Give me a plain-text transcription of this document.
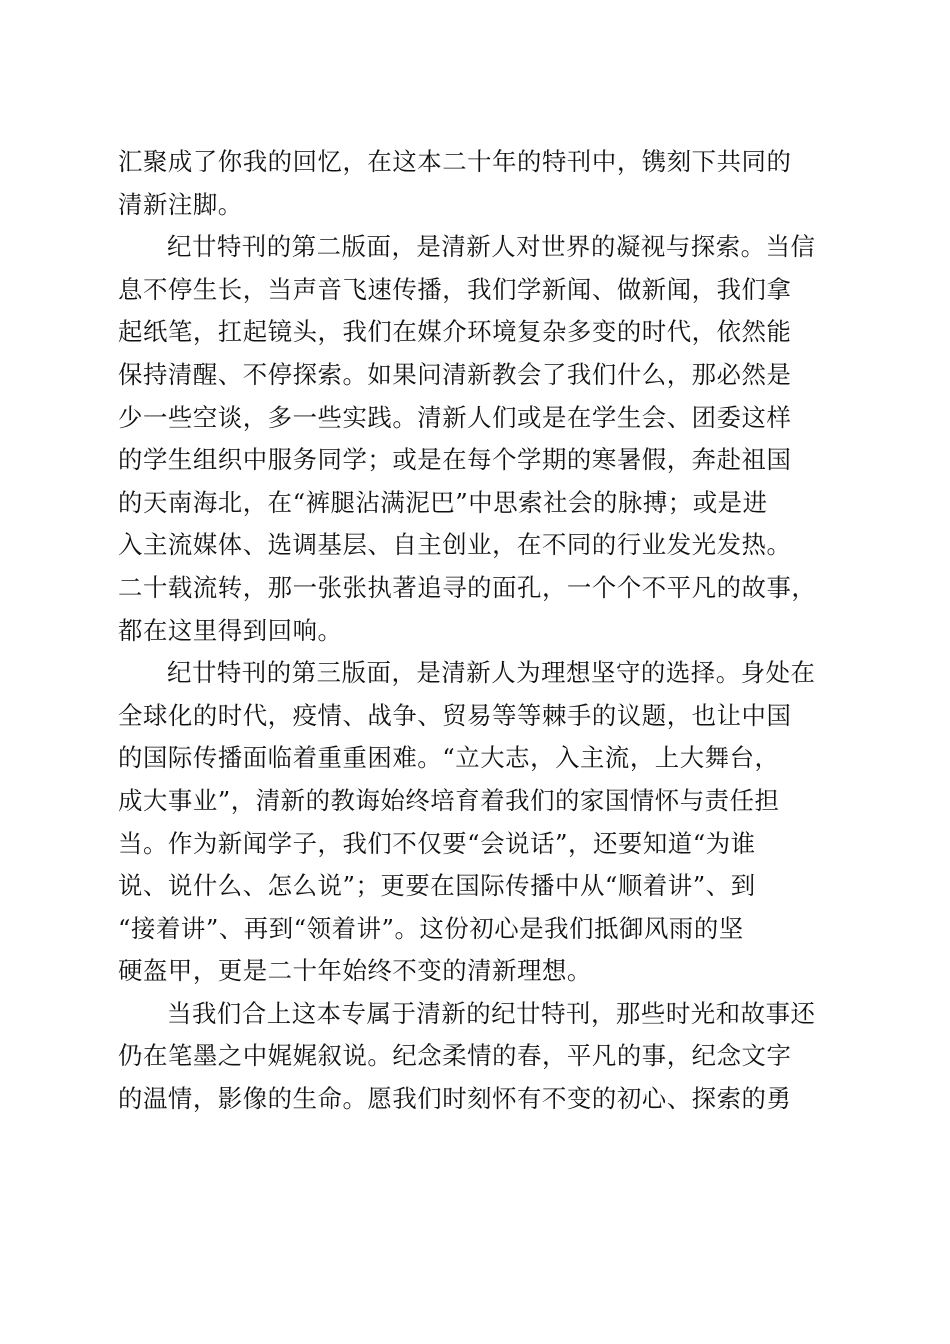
汇聚成了你我的回忆，在这本二十年的特刊中，镌刻下共同的
清新注脚。
纪廿特刊的第二版面，是清新人对世界的凝视与探索。当信
息不停生长，当声音飞速传播，我们学新闻、做新闻，我们拿
起纸笔，扛起镜头，我们在媒介环境复杂多变的时代，依然能
保持清醒、不停探索。如果问清新教会了我们什么，那必然是
少一些空谈，多一些实践。清新人们或是在学生会、团委这样
的学生组织中服务同学；或是在每个学期的寒暑假，奔赴祖国
的天南海北，在“裤腿沾满泥巴”中思索社会的脉搏；或是进
入主流媒体、选调基层、自主创业，在不同的行业发光发热。
二十载流转，那一张张执著追寻的面孔，一个个不平凡的故事，
都在这里得到回响。
纪廿特刊的第三版面，是清新人为理想坚守的选择。身处在
全球化的时代，疫情、战争、贸易等等棘手的议题，也让中国
的国际传播面临着重重困难。“立大志，入主流，上大舞台，
成大事业”，清新的教诲始终培育着我们的家国情怀与责任担
当。作为新闻学子，我们不仅要“会说话”，还要知道“为谁
说、说什么、怎么说”；更要在国际传播中从“顺着讲”、到
“接着讲”、再到“领着讲”。这份初心是我们抵御风雨的坚
硬盔甲，更是二十年始终不变的清新理想。
当我们合上这本专属于清新的纪廿特刊，那些时光和故事还
仍在笔墨之中娓娓叙说。纪念柔情的春，平凡的事，纪念文字
的温情，影像的生命。愿我们时刻怀有不变的初心、探索的勇
